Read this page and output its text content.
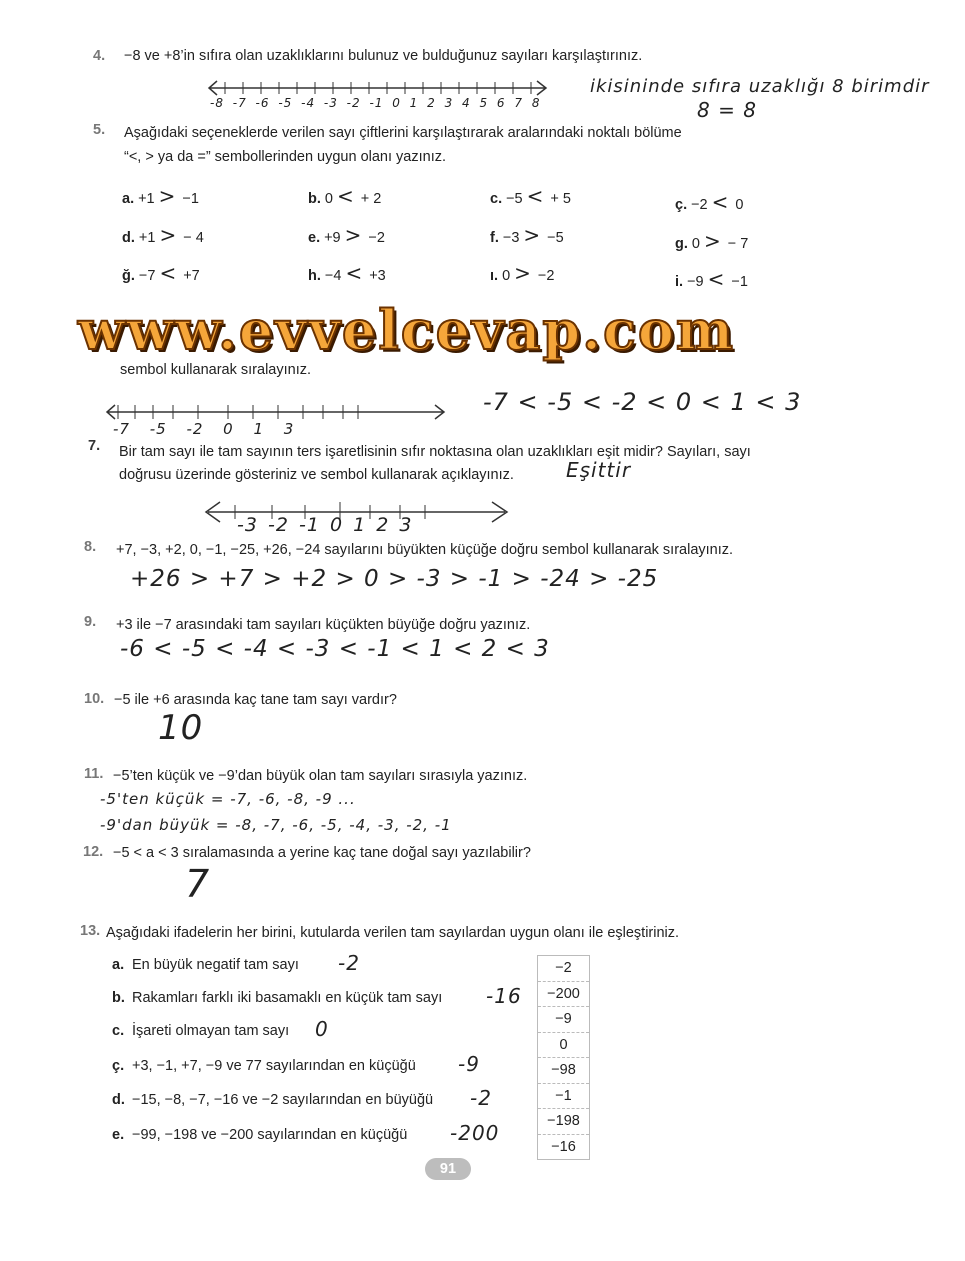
4. −8 ve +8’in sıfıra olan uzaklıklarını bulunuz ve bulduğunuz sayıları karşılaştırınız.
-8 -7 -6 -5 -4 -3 -2 -1 0 1 2 3 4 5 6 7 8
ikisininde sıfıra uzaklığı 8 birimdir
8 = 8
5. Aşağıdaki seçeneklerde verilen sayı çiftlerini karşılaştırarak aralarındaki noktalı bölüme
“<, > ya da =” sembollerinden uygun olanı yazınız.
a. +1 > −1	b. 0 < + 2	c. −5 < + 5	ç. −2 < 0
d. +1 > − 4	e. +9 > −2	f. −3 > −5	g. 0 > − 7
ğ. −7 < +7	h. −4 < +3	ı. 0 > −2	i. −9 < −1
www.evvelcevap.com
sembol kullanarak sıralayınız.
-7 -5 -2 0 1 3
-7 < -5 < -2 < 0 < 1 < 3
7. Bir tam sayı ile tam sayının ters işaretlisinin sıfır noktasına olan uzaklıkları eşit midir? Sayıları, sayı
doğrusu üzerinde gösteriniz ve sembol kullanarak açıklayınız.	Eşittir
-3 -2 -1 0 1 2 3
8. +7, −3, +2, 0, −1, −25, +26, −24 sayılarını büyükten küçüğe doğru sembol kullanarak sıralayınız.
+26 > +7 > +2 > 0 > -3 > -1 > -24 > -25
9. +3 ile −7 arasındaki tam sayıları küçükten büyüğe doğru yazınız.
-6 < -5 < -4 < -3 < -1 < 1 < 2 < 3
10. −5 ile +6 arasında kaç tane tam sayı vardır?
10
11. −5’ten küçük ve −9’dan büyük olan tam sayıları sırasıyla yazınız.
-5'ten küçük = -7, -6, -8, -9 ...
-9'dan büyük = -8, -7, -6, -5, -4, -3, -2, -1
12. −5 < a < 3 sıralamasında a yerine kaç tane doğal sayı yazılabilir?
7
13. Aşağıdaki ifadelerin her birini, kutularda verilen tam sayılardan uygun olanı ile eşleştiriniz.
a. En büyük negatif tam sayı -2
b. Rakamları farklı iki basamaklı en küçük tam sayı -16
c. İşareti olmayan tam sayı 0
ç. +3, −1, +7, −9 ve 77 sayılarından en küçüğü -9
d. −15, −8, −7, −16 ve −2 sayılarından en büyüğü -2
e. −99, −198 ve −200 sayılarından en küçüğü -200
−2
−200
−9
0
−98
−1
−198
−16
91
